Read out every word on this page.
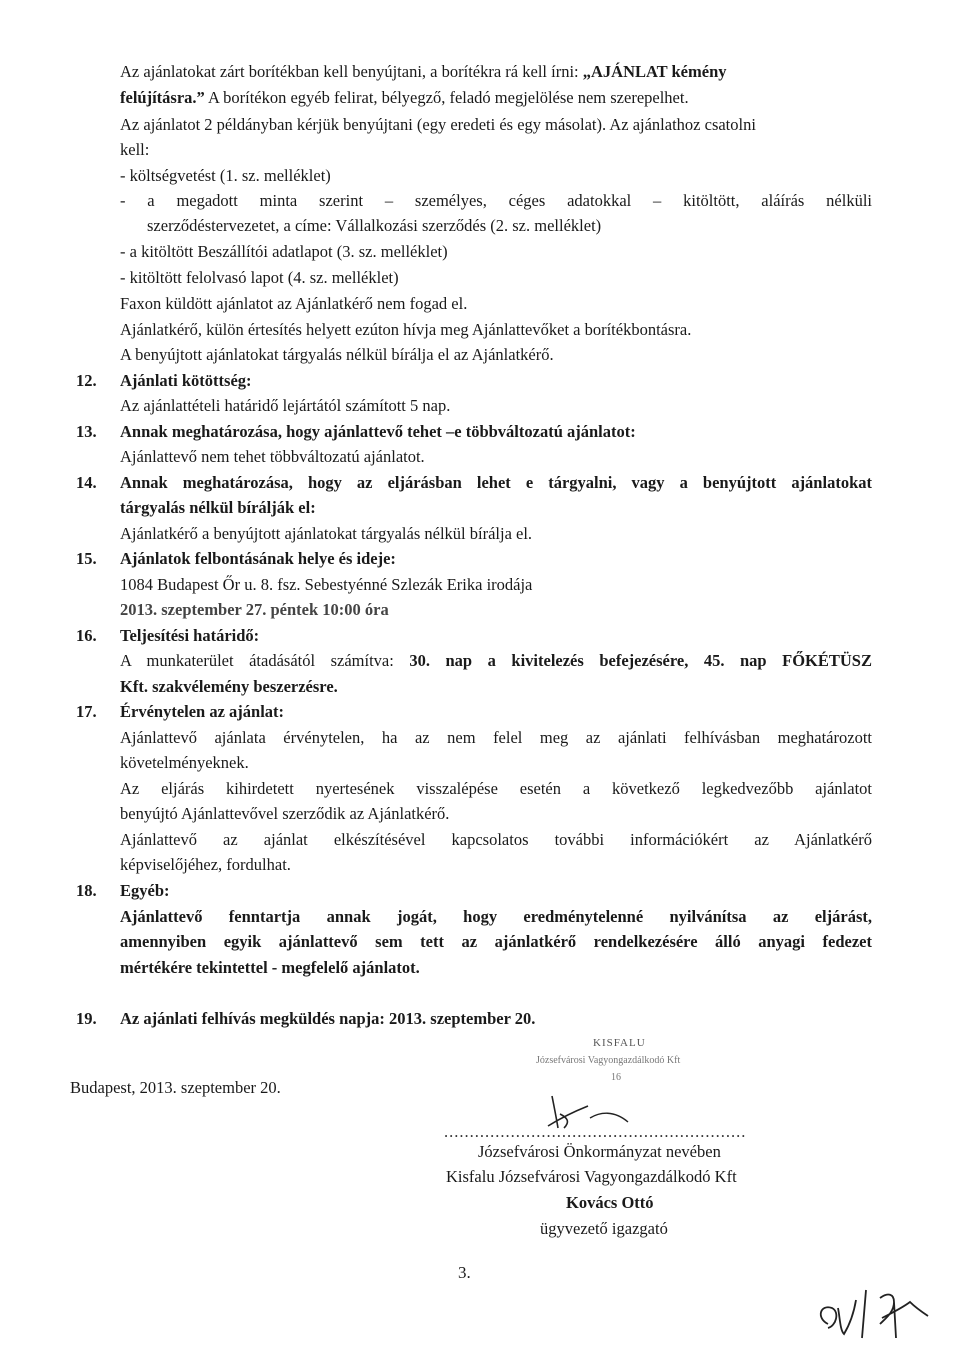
Az ajánlatokat zárt borítékban kell benyújtani, a borítékra rá kell írni: „AJÁNLAT kémény
felújításra.” A borítékon egyéb felirat, bélyegző, feladó megjelölése nem szerepelhet.
Az ajánlatot 2 példányban kérjük benyújtani (egy eredeti és egy másolat). Az ajánlathoz csatolni
kell:
- költségvetést (1. sz. melléklet)
- a megadott minta szerint – személyes, céges adatokkal – kitöltött, aláírás nélküli
szerződéstervezetet, a címe: Vállalkozási szerződés (2. sz. melléklet)
- a kitöltött Beszállítói adatlapot (3. sz. melléklet)
- kitöltött felolvasó lapot (4. sz. melléklet)
Faxon küldött ajánlatot az Ajánlatkérő nem fogad el.
Ajánlatkérő, külön értesítés helyett ezúton hívja meg Ajánlattevőket a borítékbontásra.
A benyújtott ajánlatokat tárgyalás nélkül bírálja el az Ajánlatkérő.
12. Ajánlati kötöttség:
Az ajánlattételi határidő lejártától számított 5 nap.
13. Annak meghatározása, hogy ajánlattevő tehet –e többváltozatú ajánlatot:
Ajánlattevő nem tehet többváltozatú ajánlatot.
14. Annak meghatározása, hogy az eljárásban lehet e tárgyalni, vagy a benyújtott ajánlatokat
tárgyalás nélkül bírálják el:
Ajánlatkérő a benyújtott ajánlatokat tárgyalás nélkül bírálja el.
15. Ajánlatok felbontásának helye és ideje:
1084 Budapest Őr u. 8. fsz. Sebestyénné Szlezák Erika irodája
2013. szeptember 27. péntek 10:00 óra
16. Teljesítési határidő:
A munkaterület átadásától számítva: 30. nap a kivitelezés befejezésére, 45. nap FŐKÉTÜSZ
Kft. szakvélemény beszerzésre.
17. Érvénytelen az ajánlat:
Ajánlattevő ajánlata érvénytelen, ha az nem felel meg az ajánlati felhívásban meghatározott
követelményeknek.
Az eljárás kihirdetett nyertesének visszalépése esetén a következő legkedvezőbb ajánlatot
benyújtó Ajánlattevővel szerződik az Ajánlatkérő.
Ajánlattevő az ajánlat elkészítésével kapcsolatos további információkért az Ajánlatkérő
képviselőjéhez, fordulhat.
18. Egyéb:
Ajánlattevő fenntartja annak jogát, hogy eredménytelenné nyilvánítsa az eljárást,
amennyiben egyik ajánlattevő sem tett az ajánlatkérő rendelkezésére álló anyagi fedezet
mértékére tekintettel - megfelelő ajánlatot.
19. Az ajánlati felhívás megküldés napja: 2013. szeptember 20.
KISFALU
Józsefvárosi Vagyongazdálkodó Kft
16
Budapest, 2013. szeptember 20.
...........................................................
Józsefvárosi Önkormányzat nevében
Kisfalu Józsefvárosi Vagyongazdálkodó Kft
Kovács Ottó
ügyvezető igazgató
3.
